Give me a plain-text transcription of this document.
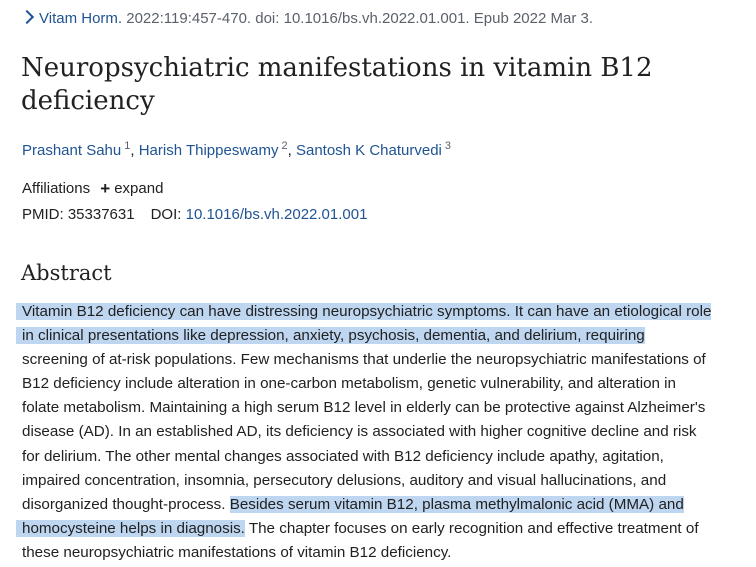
Vitam Horm. 2022:119:457-470. doi: 10.1016/bs.vh.2022.01.001. Epub 2022 Mar 3.
Neuropsychiatric manifestations in vitamin B12
deficiency
Prashant Sahu $^1$, Harish Thippeswamy $^2$, Santosh K Chaturvedi $^3$
Affiliations + expand
PMID: 35337631 DOI: 10.1016/bs.vh.2022.01.001
Abstract
Vitamin B12 deficiency can have distressing neuropsychiatric symptoms. It can have an etiological role
in clinical presentations like depression, anxiety, psychosis, dementia, and delirium, requiring
screening of at-risk populations. Few mechanisms that underlie the neuropsychiatric manifestations of
B12 deficiency include alteration in one-carbon metabolism, genetic vulnerability, and alteration in
folate metabolism. Maintaining a high serum B12 level in elderly can be protective against Alzheimer's
disease (AD). In an established AD, its deficiency is associated with higher cognitive decline and risk
for delirium. The other mental changes associated with B12 deficiency include apathy, agitation,
impaired concentration, insomnia, persecutory delusions, auditory and visual hallucinations, and
disorganized thought-process. Besides serum vitamin B12, plasma methylmalonic acid (MMA) and
homocysteine helps in diagnosis. The chapter focuses on early recognition and effective treatment of
these neuropsychiatric manifestations of vitamin B12 deficiency.
